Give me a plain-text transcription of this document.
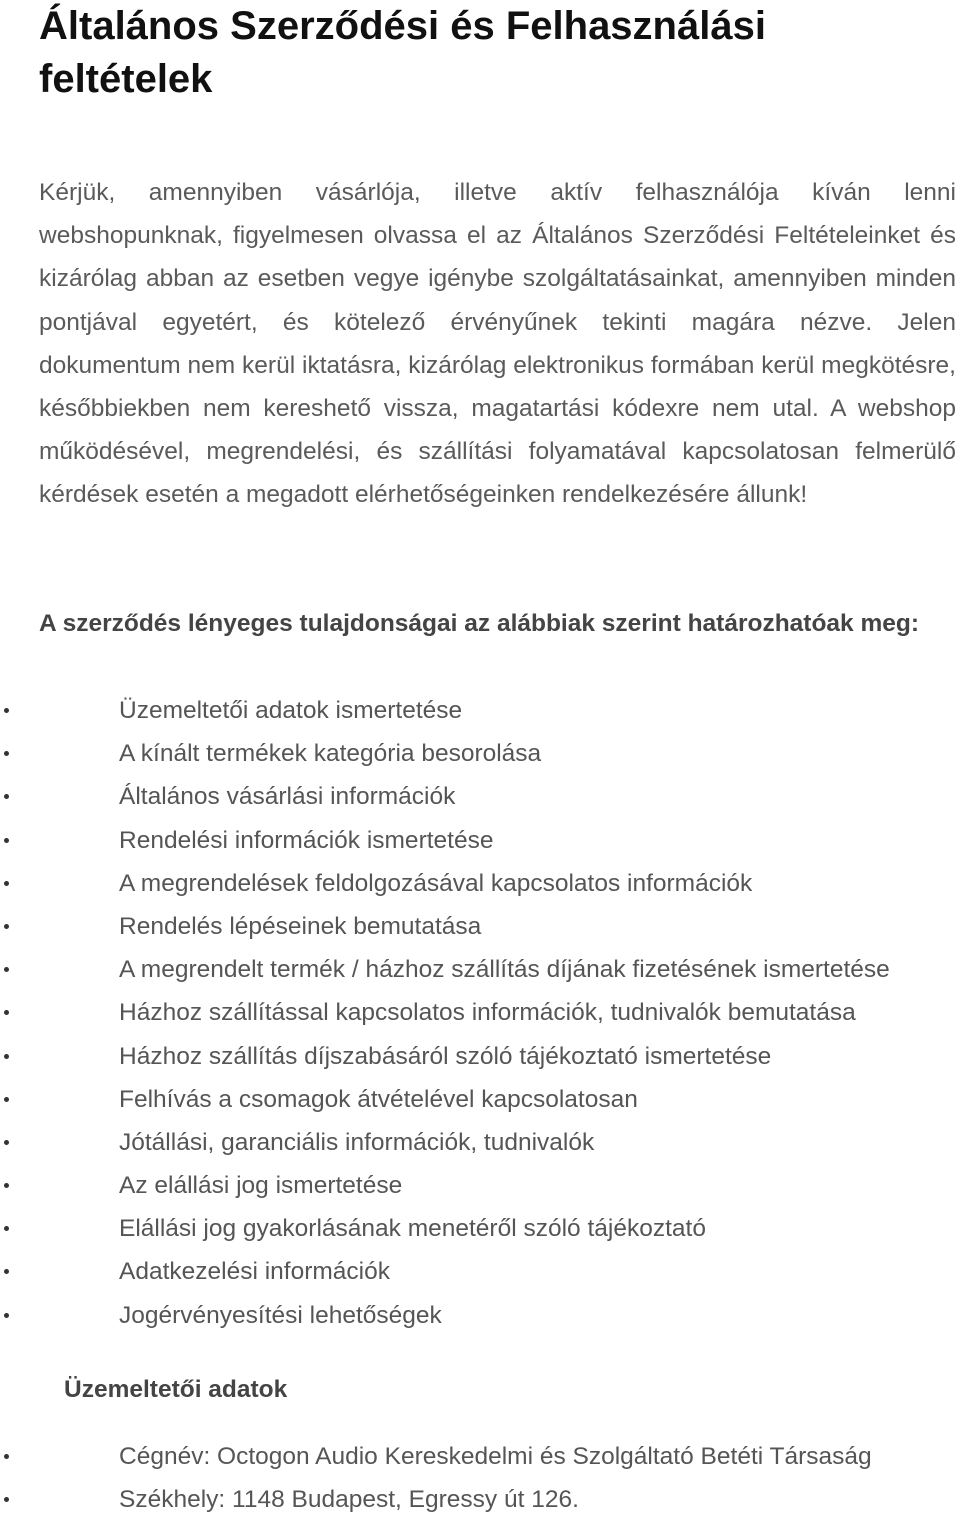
Általános Szerződési és Felhasználási feltételek

Kérjük, amennyiben vásárlója, illetve aktív felhasználója kíván lenni webshopunknak, figyelmesen olvassa el az Általános Szerződési Feltételeinket és kizárólag abban az esetben vegye igénybe szolgáltatásainkat, amennyiben minden pontjával egyetért, és kötelező érvényűnek tekinti magára nézve. Jelen dokumentum nem kerül iktatásra, kizárólag elektronikus formában kerül megkötésre, későbbiekben nem kereshető vissza, magatartási kódexre nem utal. A webshop működésével, megrendelési, és szállítási folyamatával kapcsolatosan felmerülő kérdések esetén a megadott elérhetőségeinken rendelkezésére állunk!

A szerződés lényeges tulajdonságai az alábbiak szerint határozhatóak meg:
Üzemeltetői adatok ismertetése
A kínált termékek kategória besorolása
Általános vásárlási információk
Rendelési információk ismertetése
A megrendelések feldolgozásával kapcsolatos információk
Rendelés lépéseinek bemutatása
A megrendelt termék / házhoz szállítás díjának fizetésének ismertetése
Házhoz szállítással kapcsolatos információk, tudnivalók bemutatása
Házhoz szállítás díjszabásáról szóló tájékoztató ismertetése
Felhívás a csomagok átvételével kapcsolatosan
Jótállási, garanciális információk, tudnivalók
Az elállási jog ismertetése
Elállási jog gyakorlásának menetéről szóló tájékoztató
Adatkezelési információk
Jogérvényesítési lehetőségek
Üzemeltetői adatok
Cégnév: Octogon Audio Kereskedelmi és Szolgáltató Betéti Társaság
Székhely: 1148 Budapest, Egressy út 126.
